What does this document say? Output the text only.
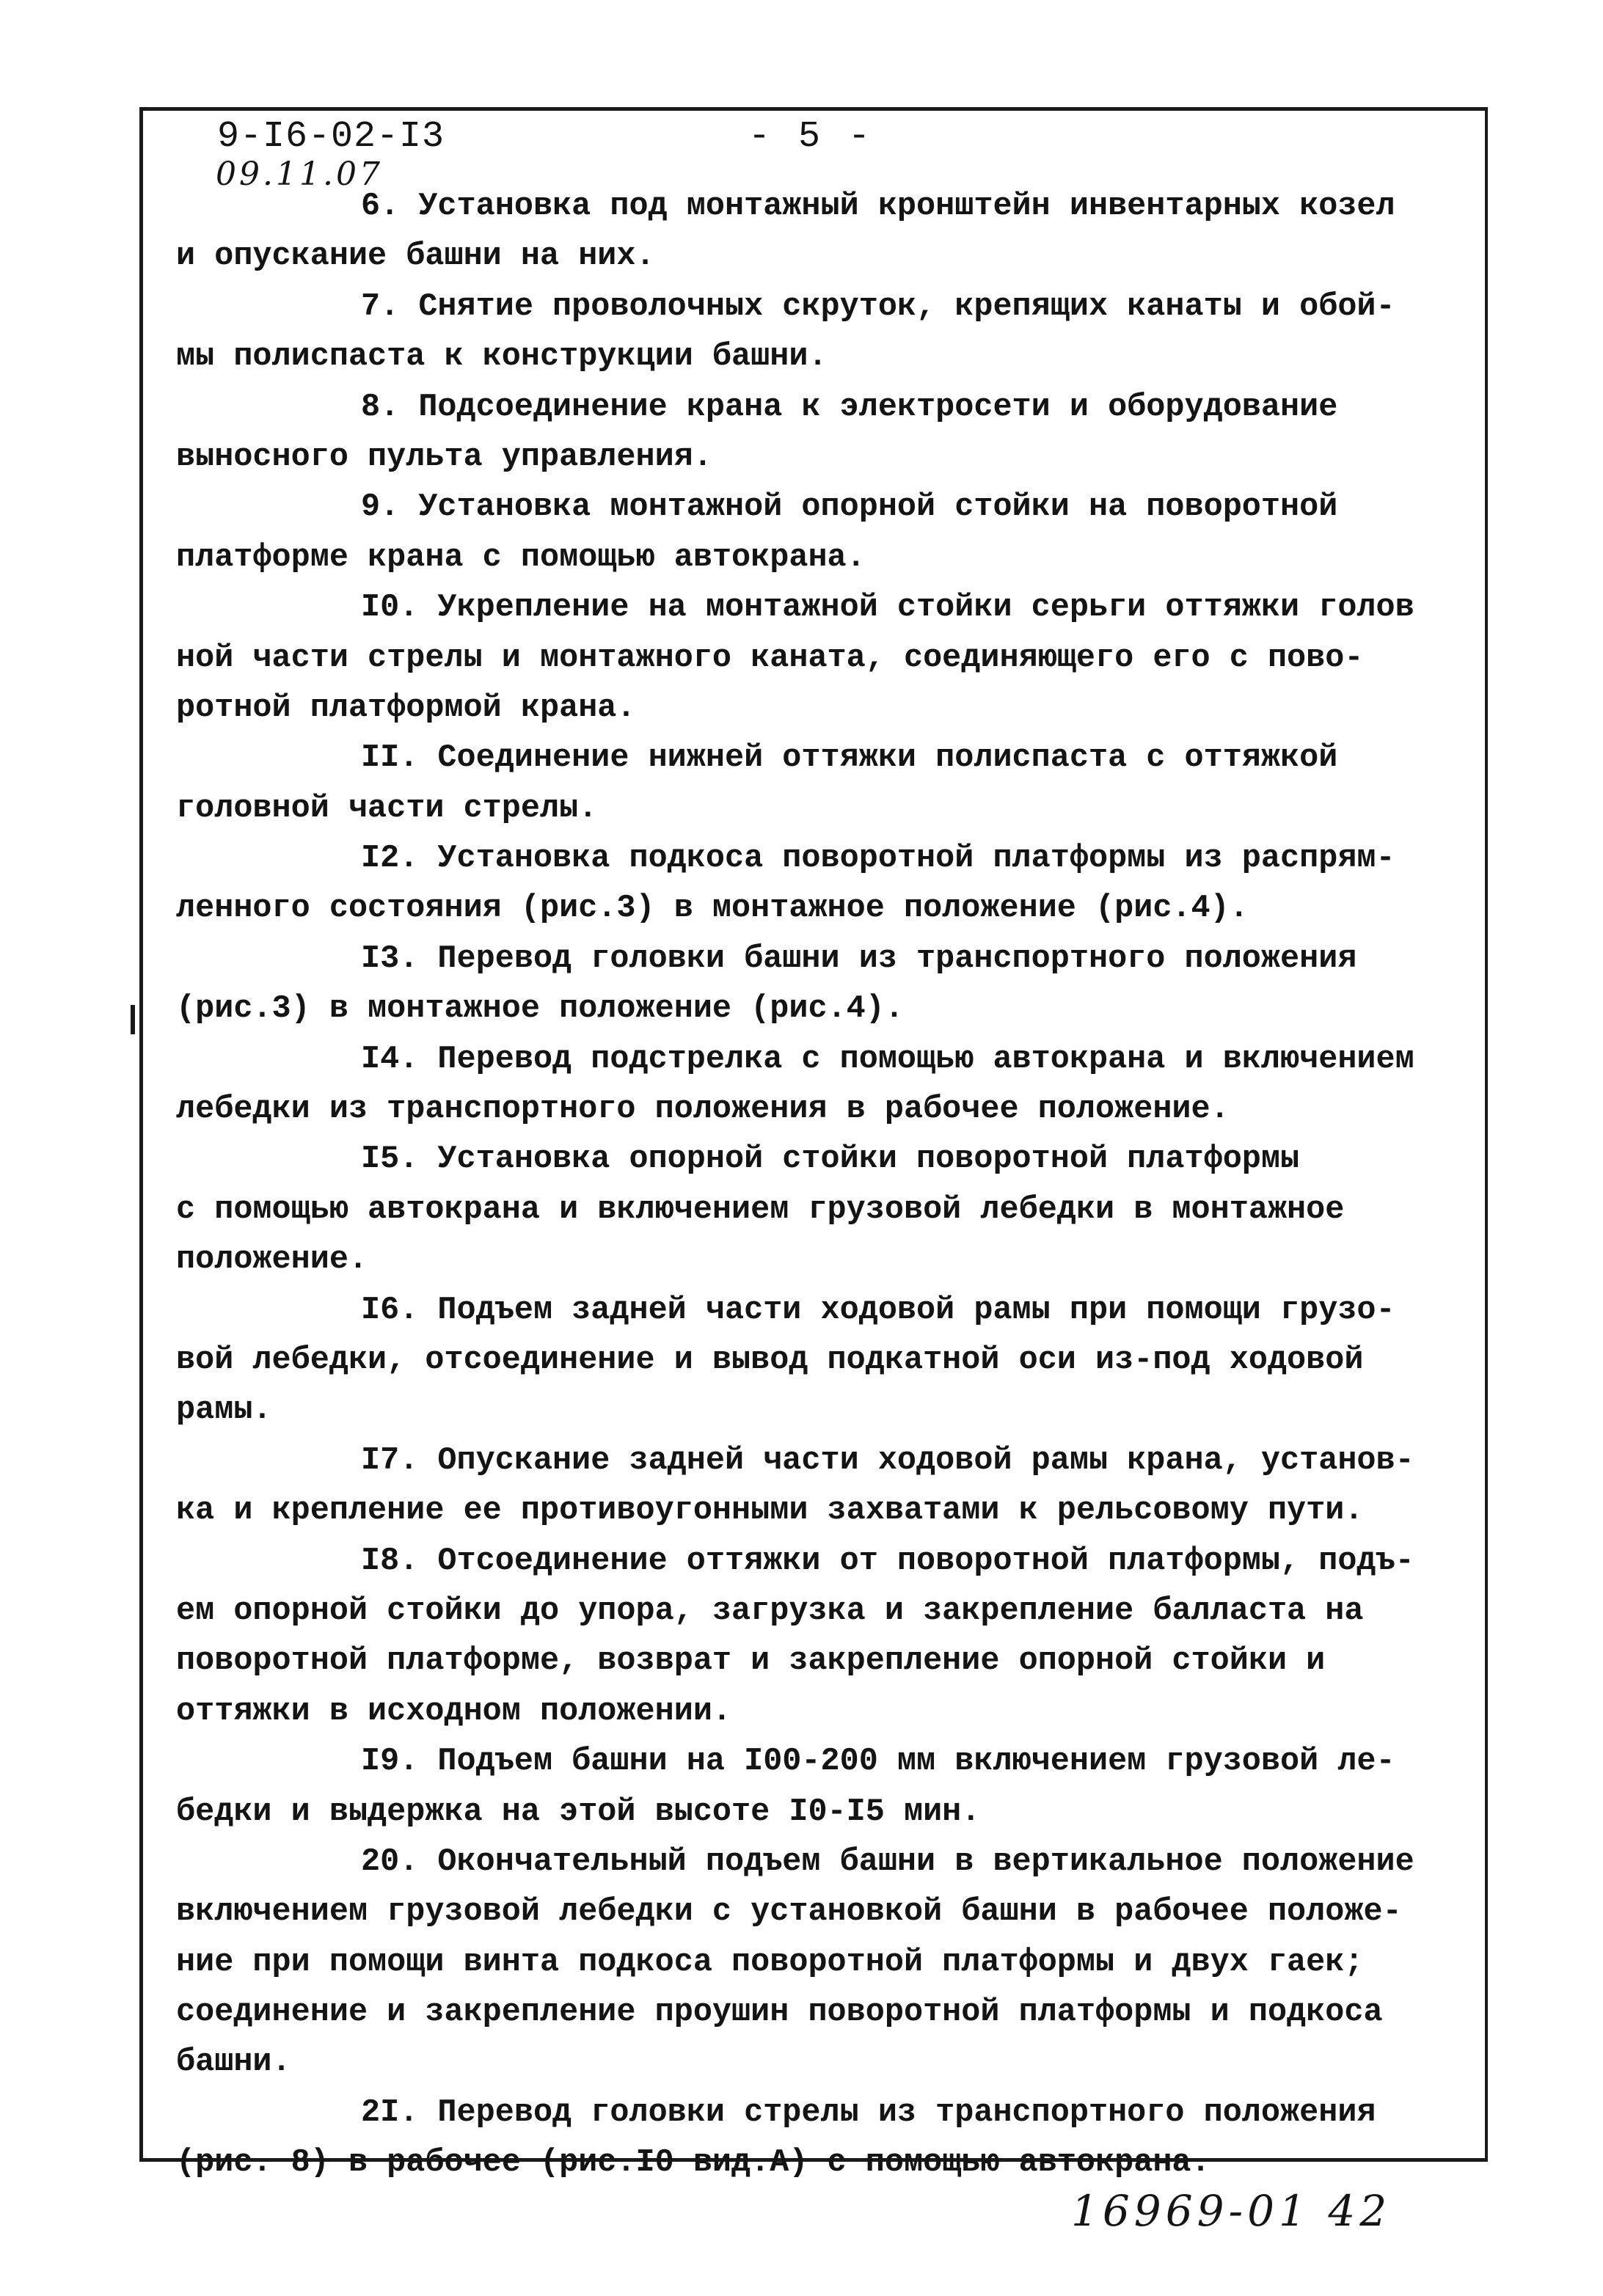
9-I6-02-I3	- 5 -
09.11.07
6. Установка под монтажный кронштейн инвентарных козел
и опускание башни на них.
7. Снятие проволочных скруток, крепящих канаты и обой-
мы полиспаста к конструкции башни.
8. Подсоединение крана к электросети и оборудование
выносного пульта управления.
9. Установка монтажной опорной стойки на поворотной
платформе крана с помощью автокрана.
I0. Укрепление на монтажной стойки серьги оттяжки голов
ной части стрелы и монтажного каната, соединяющего его с пово-
ротной платформой крана.
II. Соединение нижней оттяжки полиспаста с оттяжкой
головной части стрелы.
I2. Установка подкоса поворотной платформы из распрям-
ленного состояния (рис.3) в монтажное положение (рис.4).
I3. Перевод головки башни из транспортного положения
(рис.3) в монтажное положение (рис.4).
I4. Перевод подстрелка с помощью автокрана и включением
лебедки из транспортного положения в рабочее положение.
I5. Установка опорной стойки поворотной платформы
с помощью автокрана и включением грузовой лебедки в монтажное
положение.
I6. Подъем задней части ходовой рамы при помощи грузо-
вой лебедки, отсоединение и вывод подкатной оси из-под ходовой
рамы.
I7. Опускание задней части ходовой рамы крана, установ-
ка и крепление ее противоугонными захватами к рельсовому пути.
I8. Отсоединение оттяжки от поворотной платформы, подъ-
ем опорной стойки до упора, загрузка и закрепление балласта на
поворотной платформе, возврат и закрепление опорной стойки и
оттяжки в исходном положении.
I9. Подъем башни на I00-200 мм включением грузовой ле-
бедки и выдержка на этой высоте I0-I5 мин.
20. Окончательный подъем башни в вертикальное положение
включением грузовой лебедки с установкой башни в рабочее положе-
ние при помощи винта подкоса поворотной платформы и двух гаек;
соединение и закрепление проушин поворотной платформы и подкоса
башни.
2I. Перевод головки стрелы из транспортного положения
(рис. 8) в рабочее (рис.I0 вид.А) с помощью автокрана.
16969-01 42
